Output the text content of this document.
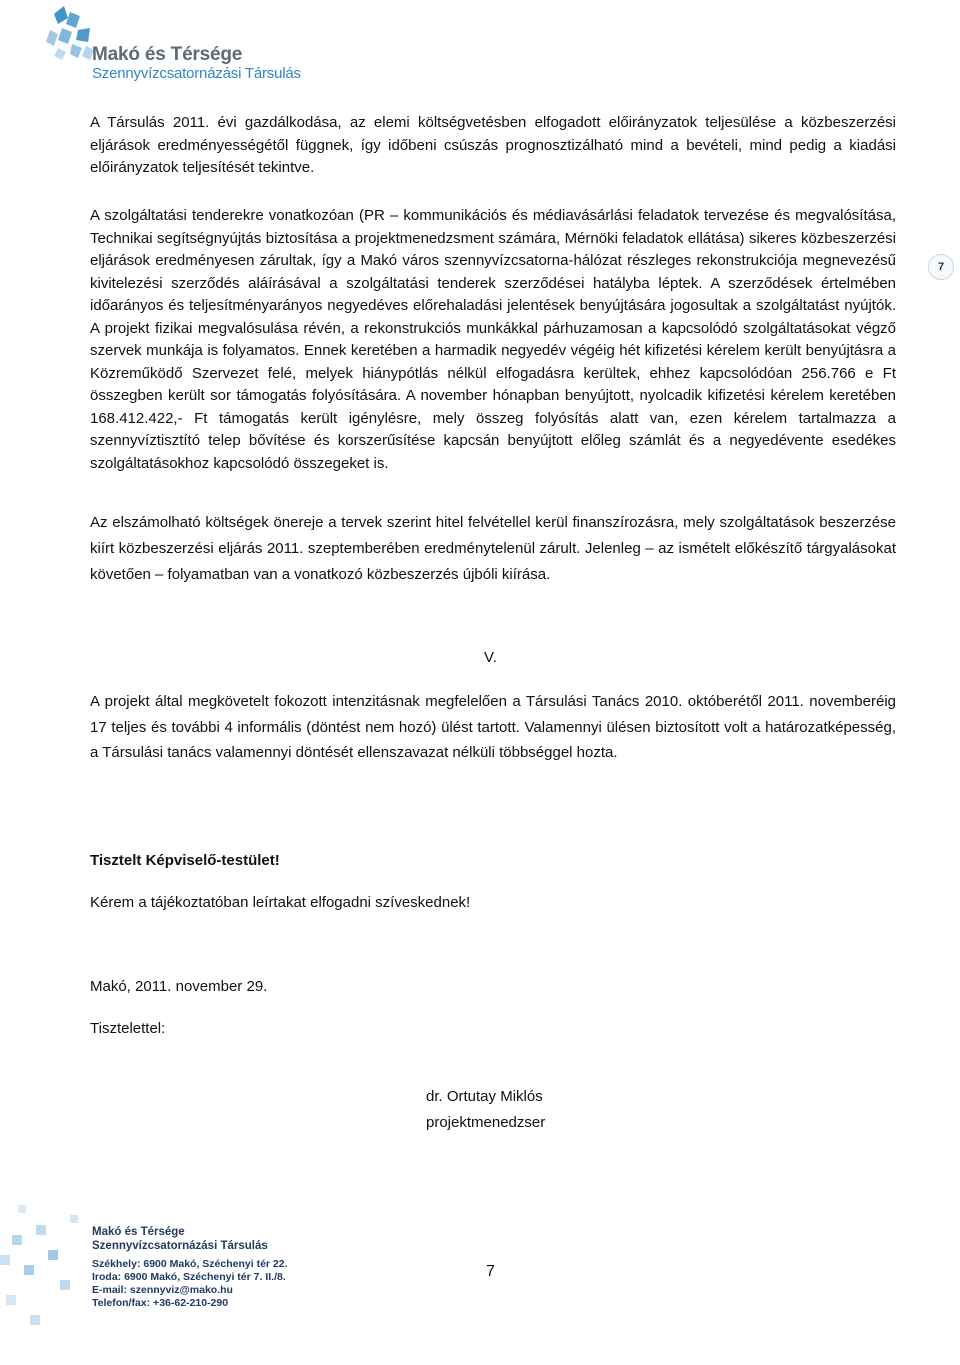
Makó és Térsége
Szennyvízcsatornázási Társulás

A Társulás 2011. évi gazdálkodása, az elemi költségvetésben elfogadott előirányzatok teljesülése a közbeszerzési eljárások eredményességétől függnek, így időbeni csúszás prognosztizálható mind a bevételi, mind pedig a kiadási előirányzatok teljesítését tekintve.

A szolgáltatási tenderekre vonatkozóan (PR – kommunikációs és médiavásárlási feladatok tervezése és megvalósítása, Technikai segítségnyújtás biztosítása a projektmenedzsment számára, Mérnöki feladatok ellátása) sikeres közbeszerzési eljárások eredményesen zárultak, így a Makó város szennyvízcsatorna-hálózat részleges rekonstrukciója megnevezésű kivitelezési szerződés aláírásával a szolgáltatási tenderek szerződései hatályba léptek. A szerződések értelmében időarányos és teljesítményarányos negyedéves előrehaladási jelentések benyújtására jogosultak a szolgáltatást nyújtók. A projekt fizikai megvalósulása révén, a rekonstrukciós munkákkal párhuzamosan a kapcsolódó szolgáltatásokat végző szervek munkája is folyamatos. Ennek keretében a harmadik negyedév végéig hét kifizetési kérelem került benyújtásra a Közreműködő Szervezet felé, melyek hiánypótlás nélkül elfogadásra kerültek, ehhez kapcsolódóan 256.766 e Ft összegben került sor támogatás folyósítására. A november hónapban benyújtott, nyolcadik kifizetési kérelem keretében 168.412.422,- Ft támogatás került igénylésre, mely összeg folyósítás alatt van, ezen kérelem tartalmazza a szennyvíztisztító telep bővítése és korszerűsítése kapcsán benyújtott előleg számlát és a negyedévente esedékes szolgáltatásokhoz kapcsolódó összegeket is.

Az elszámolható költségek önereje a tervek szerint hitel felvétellel kerül finanszírozásra, mely szolgáltatások beszerzése kiírt közbeszerzési eljárás 2011. szeptemberében eredménytelenül zárult. Jelenleg – az ismételt előkészítő tárgyalásokat követően – folyamatban van a vonatkozó közbeszerzés újbóli kiírása.

7
V.

A projekt által megkövetelt fokozott intenzitásnak megfelelően a Társulási Tanács 2010. októberétől 2011. novemberéig 17 teljes és további 4 informális (döntést nem hozó) ülést tartott. Valamennyi ülésen biztosított volt a határozatképesség, a Társulási tanács valamennyi döntését ellenszavazat nélküli többséggel hozta.

Tisztelt Képviselő-testület!
Kérem a tájékoztatóban leírtakat elfogadni szíveskednek!
Makó, 2011. november 29.
Tisztelettel:
dr. Ortutay Miklós
projektmenedzser
Makó és Térsége
Szennyvízcsatornázási Társulás
Székhely: 6900 Makó, Széchenyi tér 22.
Iroda: 6900 Makó, Széchenyi tér 7. II./8.
E-mail: szennyviz@mako.hu
Telefon/fax: +36-62-210-290
7
